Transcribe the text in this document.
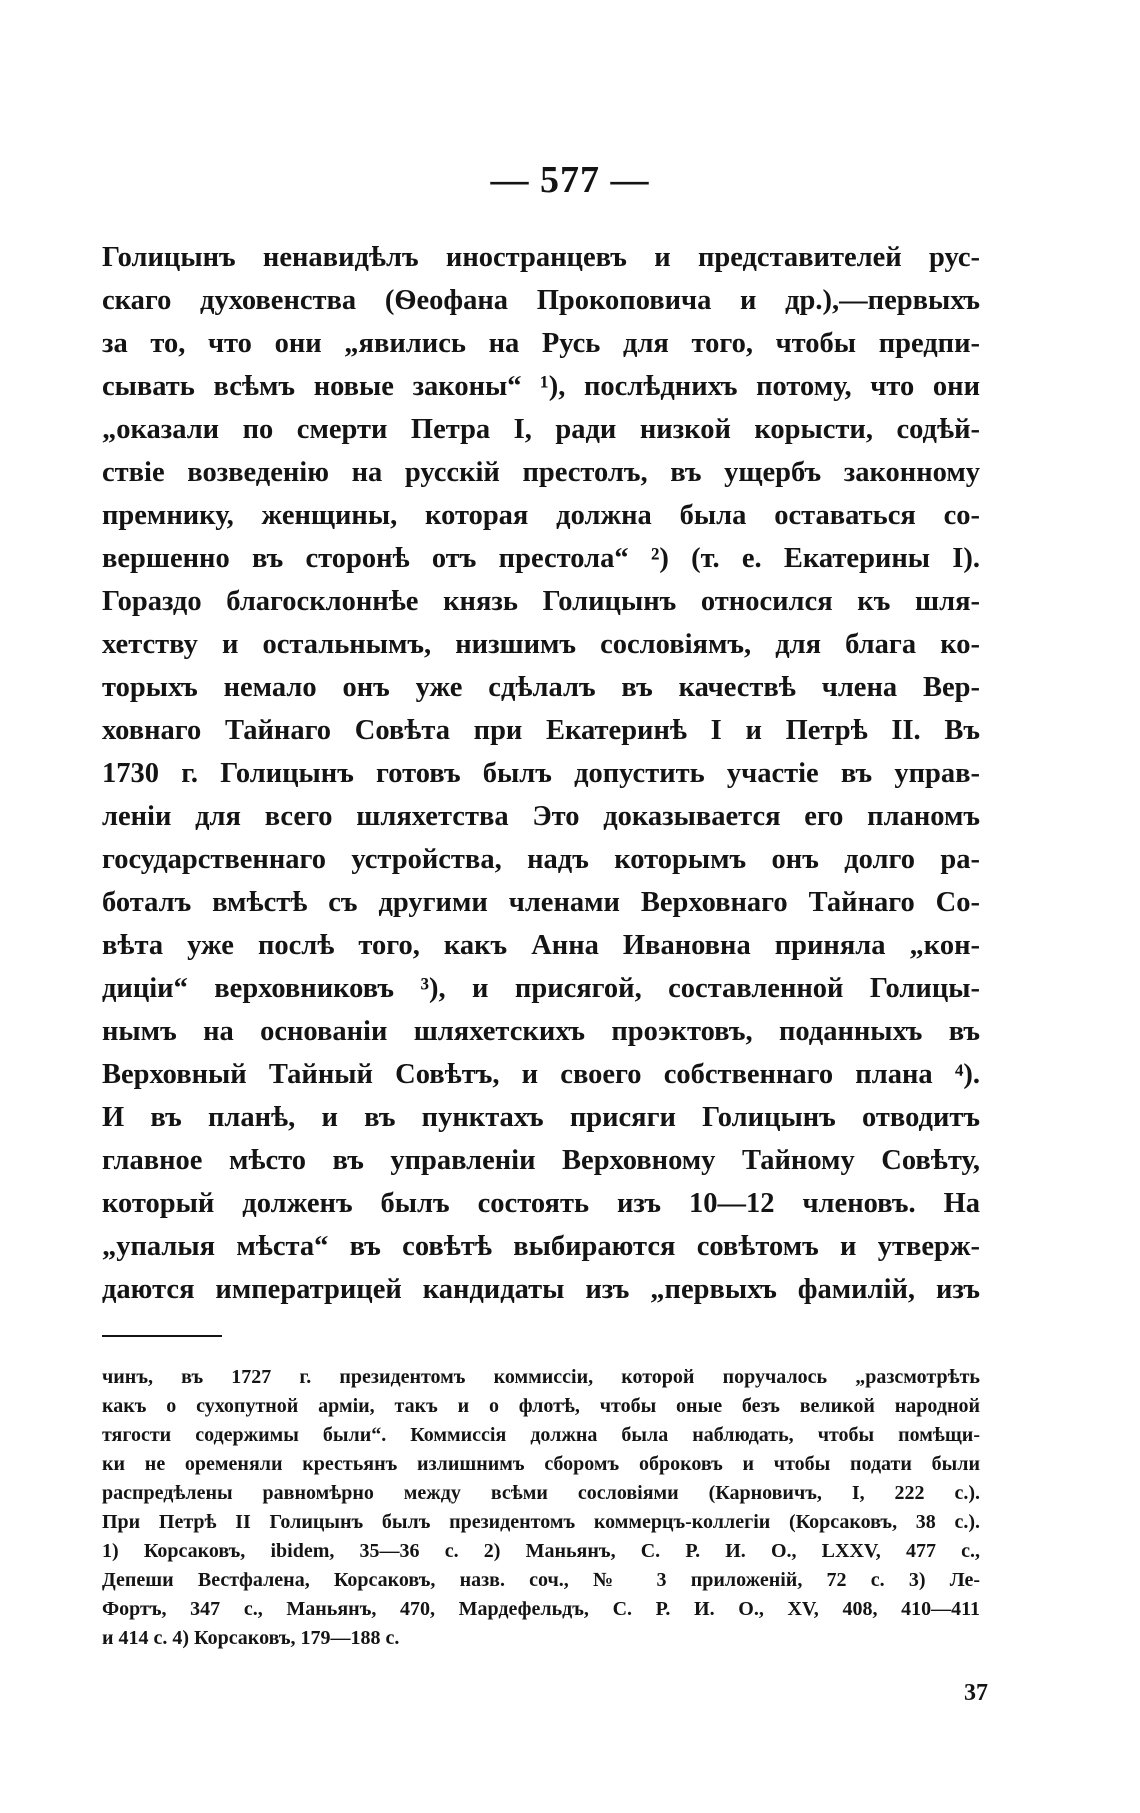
— 577 —
Голицынъ ненавидѣлъ иностранцевъ и представителей рус-
скаго духовенства (Ѳеофана Прокоповича и др.),—первыхъ
за то, что они „явились на Русь для того, чтобы предпи-
сывать всѣмъ новые законы“ ¹), послѣднихъ потому, что они
„оказали по смерти Петра I, ради низкой корысти, содѣй-
ствіе возведенію на русскій престолъ, въ ущербъ законному
премнику, женщины, которая должна была оставаться со-
вершенно въ сторонѣ отъ престола“ ²) (т. е. Екатерины I).
Гораздо благосклоннѣе князь Голицынъ относился къ шля-
хетству и остальнымъ, низшимъ сословіямъ, для блага ко-
торыхъ немало онъ уже сдѣлалъ въ качествѣ члена Вер-
ховнаго Тайнаго Совѣта при Екатеринѣ I и Петрѣ II. Въ
1730 г. Голицынъ готовъ былъ допустить участіе въ управ-
леніи для всего шляхетства Это доказывается его планомъ
государственнаго устройства, надъ которымъ онъ долго ра-
боталъ вмѣстѣ съ другими членами Верховнаго Тайнаго Со-
вѣта уже послѣ того, какъ Анна Ивановна приняла „кон-
диціи“ верховниковъ ³), и присягой, составленной Голицы-
нымъ на основаніи шляхетскихъ проэктовъ, поданныхъ въ
Верховный Тайный Совѣтъ, и своего собственнаго плана ⁴).
И въ планѣ, и въ пунктахъ присяги Голицынъ отводитъ
главное мѣсто въ управленіи Верховному Тайному Совѣту,
который долженъ былъ состоять изъ 10—12 членовъ. На
„упалыя мѣста“ въ совѣтѣ выбираются совѣтомъ и утверж-
даются императрицей кандидаты изъ „первыхъ фамилій, изъ
чинъ, въ 1727 г. президентомъ коммиссіи, которой поручалось „разсмотрѣть
какъ о сухопутной арміи, такъ и о флотѣ, чтобы оные безъ великой народной
тягости содержимы были“. Коммиссія должна была наблюдать, чтобы помѣщи-
ки не оременяли крестьянъ излишнимъ сборомъ оброковъ и чтобы подати были
распредѣлены равномѣрно между всѣми сословіями (Карновичъ, I, 222 с.).
При Петрѣ II Голицынъ былъ президентомъ коммерцъ-коллегіи (Корсаковъ, 38 с.).
1) Корсаковъ, ibidem, 35—36 с. 2) Маньянъ, С. Р. И. О., LXXV, 477 с.,
Депеши Вестфалена, Корсаковъ, назв. соч., № 3 приложеній, 72 с. 3) Ле-
Фортъ, 347 с., Маньянъ, 470, Мардефельдъ, С. Р. И. О., XV, 408, 410—411
и 414 с. 4) Корсаковъ, 179—188 с.
37
